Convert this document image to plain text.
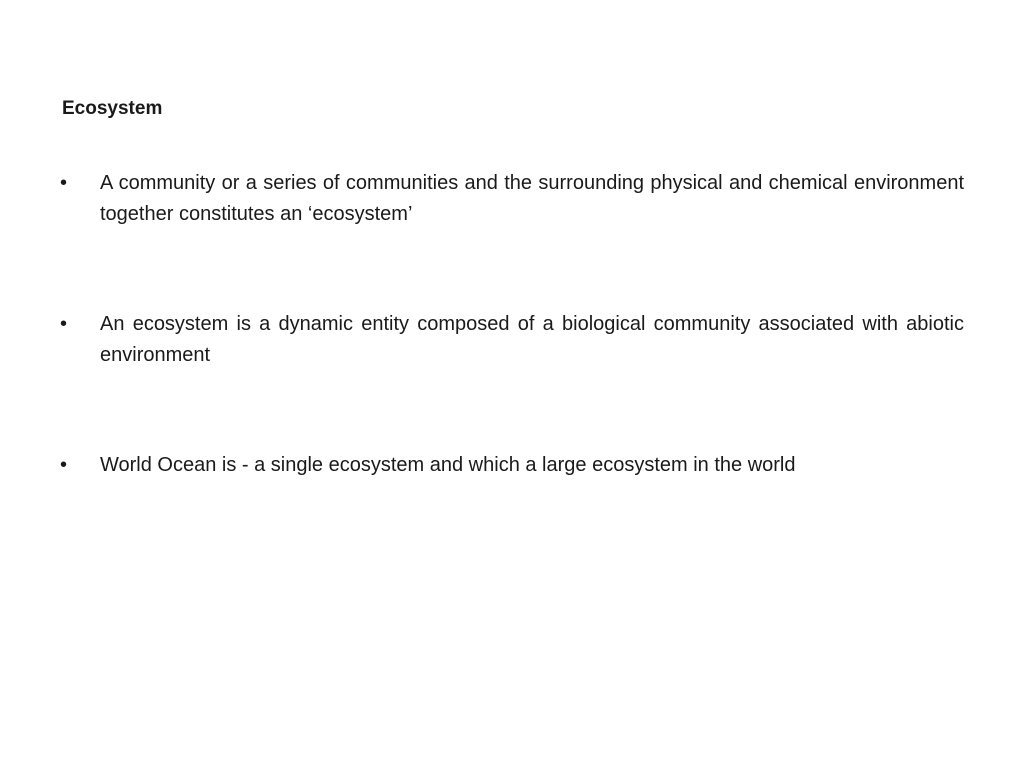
Ecosystem
• A community or a series of communities and the surrounding physical and chemical environment together constitutes an ‘ecosystem’
• An ecosystem is a dynamic entity composed of a biological community associated with abiotic environment
• World Ocean is - a single ecosystem and which a large ecosystem in the world
